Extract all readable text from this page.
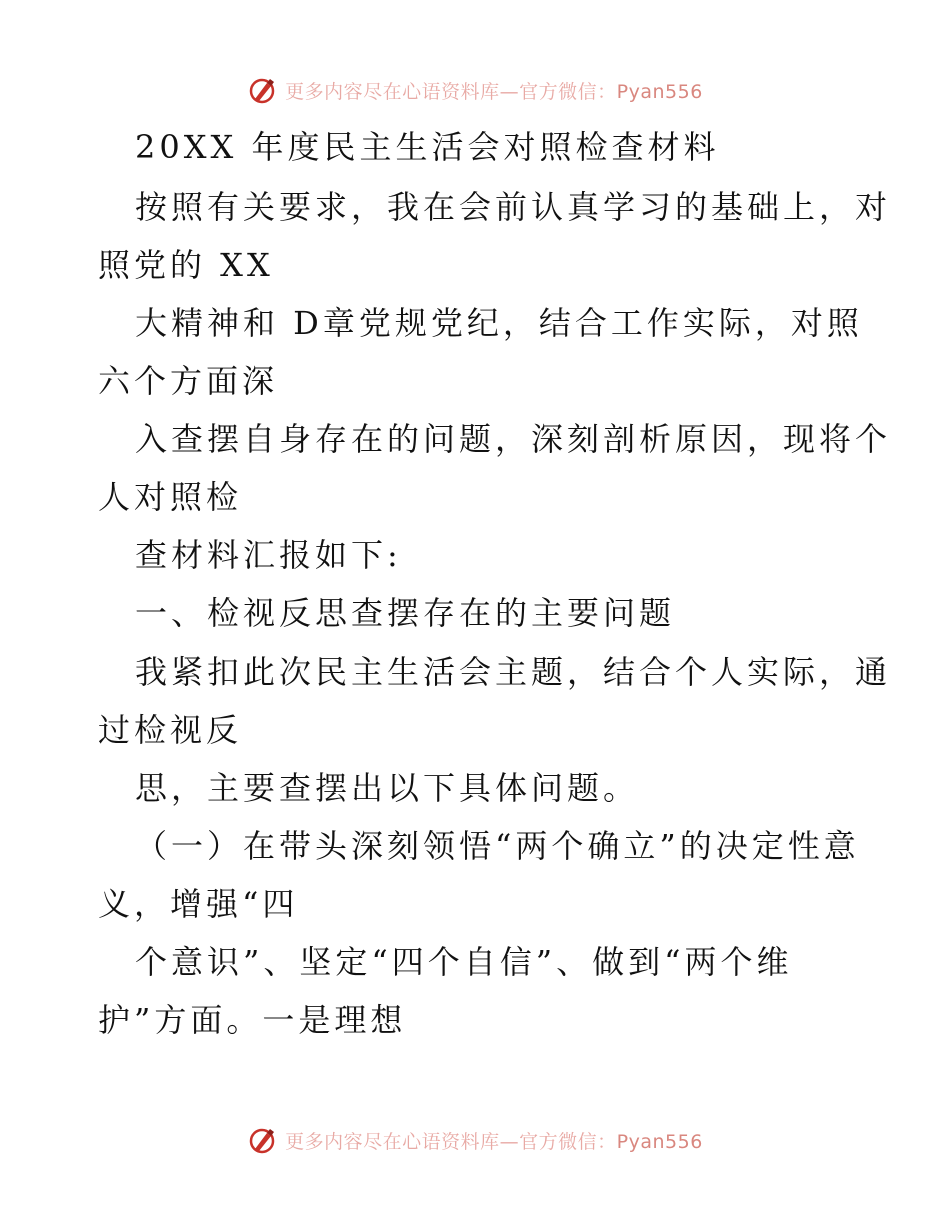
更多内容尽在心语资料库—官方微信：Pyan556
20XX 年度民主生活会对照检查材料
按照有关要求，我在会前认真学习的基础上，对
照党的 XX
大精神和 D章党规党纪，结合工作实际，对照
六个方面深
入查摆自身存在的问题，深刻剖析原因，现将个
人对照检
查材料汇报如下:
一、检视反思查摆存在的主要问题
我紧扣此次民主生活会主题，结合个人实际，通
过检视反
思，主要查摆出以下具体问题。
（一）在带头深刻领悟“两个确立”的决定性意
义，增强“四
个意识”、坚定“四个自信”、做到“两个维
护”方面。一是理想
更多内容尽在心语资料库—官方微信：Pyan556
